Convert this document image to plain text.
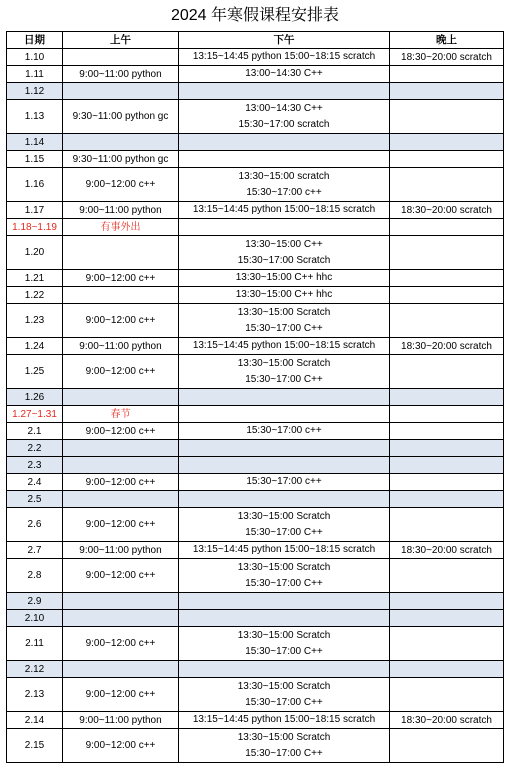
2024 年寒假课程安排表
日期	上午	下午	晚上
1.10		13:15~14:45 python 15:00~18:15 scratch	18:30~20:00 scratch
1.11	9:00~11:00 python	13:00~14:30 C++	

1.12			
1.13	9:30~11:00 python gc	13:00~14:30 C++
15:30~17:00 scratch	

1.14			
1.15	9:30~11:00 python gc		
1.16	9:00~12:00 c++	13:30~15:00 scratch
15:30~17:00 c++	

1.17	9:00~11:00 python	13:15~14:45 python 15:00~18:15 scratch	18:30~20:00 scratch
1.18~1.19	有事外出		
1.20		13:30~15:00 C++
15:30~17:00 Scratch	

1.21	9:00~12:00 c++	13:30~15:00 C++ hhc	

1.22		13:30~15:00 C++ hhc	

1.23	9:00~12:00 c++	13:30~15:00 Scratch
15:30~17:00 C++	

1.24	9:00~11:00 python	13:15~14:45 python 15:00~18:15 scratch	18:30~20:00 scratch
1.25	9:00~12:00 c++	13:30~15:00 Scratch
15:30~17:00 C++	

1.26			
1.27~1.31	春节		
2.1	9:00~12:00 c++	15:30~17:00 c++	

2.2			
2.3			
2.4	9:00~12:00 c++	15:30~17:00 c++	

2.5			
2.6	9:00~12:00 c++	13:30~15:00 Scratch
15:30~17:00 C++	

2.7	9:00~11:00 python	13:15~14:45 python 15:00~18:15 scratch	18:30~20:00 scratch
2.8	9:00~12:00 c++	13:30~15:00 Scratch
15:30~17:00 C++	

2.9			
2.10			
2.11	9:00~12:00 c++	13:30~15:00 Scratch
15:30~17:00 C++	

2.12			
2.13	9:00~12:00 c++	13:30~15:00 Scratch
15:30~17:00 C++	

2.14	9:00~11:00 python	13:15~14:45 python 15:00~18:15 scratch	18:30~20:00 scratch
2.15	9:00~12:00 c++	13:30~15:00 Scratch
15:30~17:00 C++	
